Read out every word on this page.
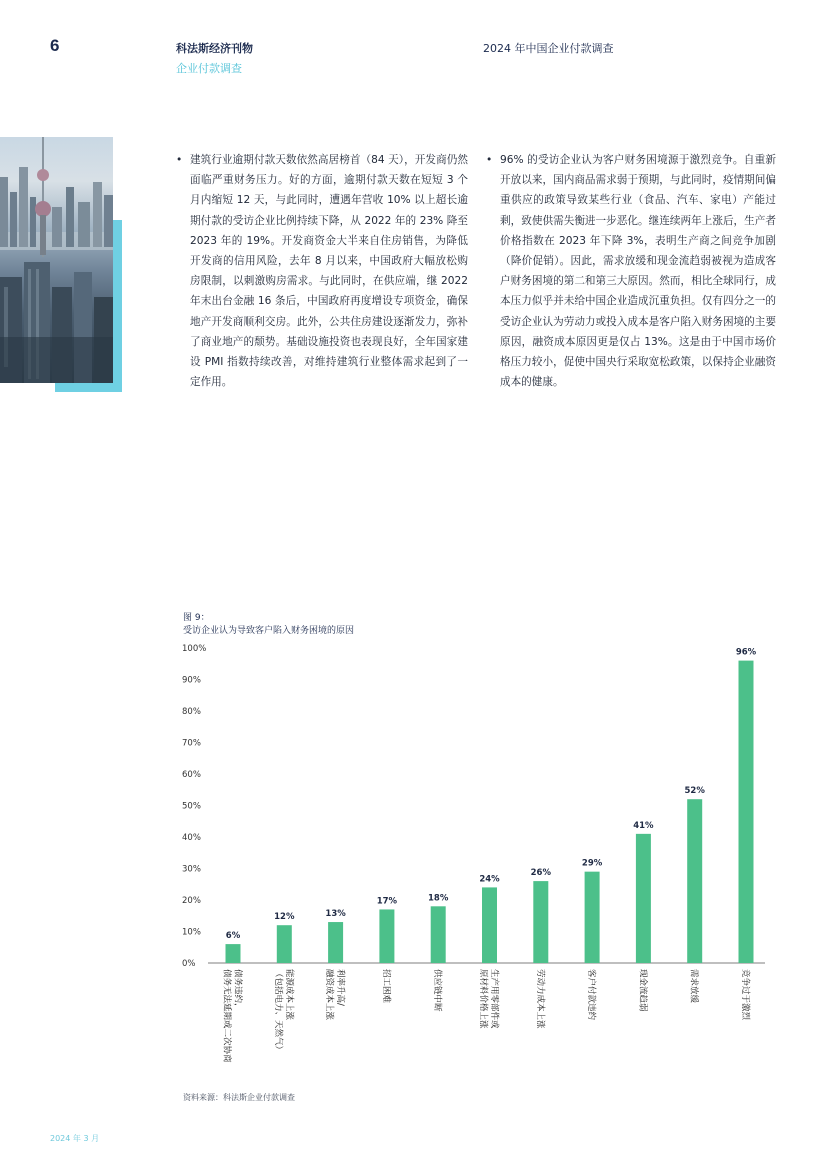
6	科法斯经济刊物
企业付款调查
2024 年中国企业付款调查
• 建筑行业逾期付款天数依然高居榜首（84 天），开发商仍然面临严重财务压力。好的方面，逾期付款天数在短短 3 个月内缩短 12 天，与此同时，遭遇年营收 10% 以上超长逾期付款的受访企业比例持续下降，从 2022 年的 23% 降至 2023 年的 19%。开发商资金大半来自住房销售，为降低开发商的信用风险，去年 8 月以来，中国政府大幅放松购房限制，以刺激购房需求。与此同时，在供应端，继 2022 年末出台金融 16 条后，中国政府再度增设专项资金，确保地产开发商顺利交房。此外，公共住房建设逐渐发力，弥补了商业地产的颓势。基础设施投资也表现良好，全年国家建设 PMI 指数持续改善，对维持建筑行业整体需求起到了一定作用。
• 96% 的受访企业认为客户财务困境源于激烈竞争。自重新开放以来，国内商品需求弱于预期，与此同时，疫情期间偏重供应的政策导致某些行业（食品、汽车、家电）产能过剩，致使供需失衡进一步恶化。继连续两年上涨后，生产者价格指数在 2023 年下降 3%，表明生产商之间竞争加剧（降价促销）。因此，需求放缓和现金流趋弱被视为造成客户财务困境的第二和第三大原因。然而，相比全球同行，成本压力似乎并未给中国企业造成沉重负担。仅有四分之一的受访企业认为劳动力或投入成本是客户陷入财务困境的主要原因，融资成本原因更是仅占 13%。这是由于中国市场价格压力较小，促使中国央行采取宽松政策，以保持企业融资成本的健康。
图 9：
受访企业认为导致客户陷入财务困境的原因
0%
10%
20%
30%
40%
50%
60%
70%
80%
90%
100%
6%
债务违约，
债务无法延期或二次协商
12%
能源成本上涨
（包括电力、天然气）
13%
利率升高/
融资成本上涨
17%
招工困难
18%
供应链中断
24%
生产用零部件或
原材料价格上涨
26%
劳动力成本上涨
29%
客户付款违约
41%
现金流趋弱
52%
需求放缓
96%
竞争过于激烈
资料来源：科法斯企业付款调查
2024 年 3 月
